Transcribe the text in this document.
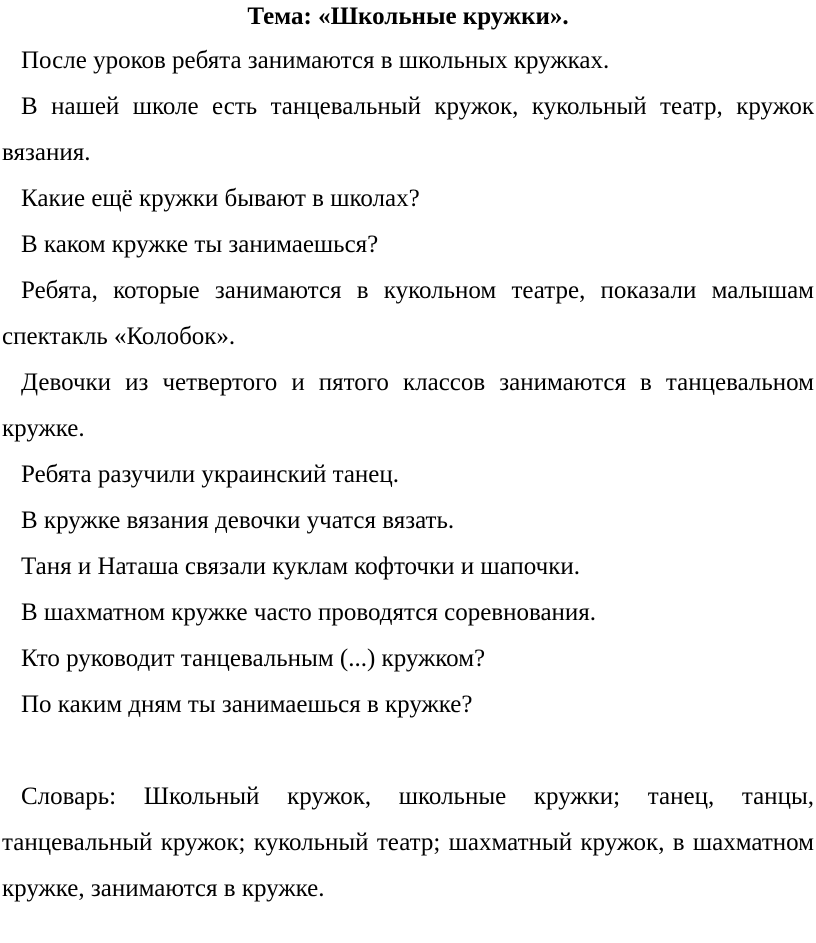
Тема: «Школьные кружки».

После уроков ребята занимаются в школьных кружках.

В нашей школе есть танцевальный кружок, кукольный театр, кружок вязания.

Какие ещё кружки бывают в школах?

В каком кружке ты занимаешься?

Ребята, которые занимаются в кукольном театре, показали малышам спектакль «Колобок».

Девочки из четвертого и пятого классов занимаются в танцевальном кружке.

Ребята разучили украинский танец.

В кружке вязания девочки учатся вязать.

Таня и Наташа связали куклам кофточки и шапочки.

В шахматном кружке часто проводятся соревнования.

Кто руководит танцевальным (...) кружком?

По каким дням ты занимаешься в кружке?

Словарь: Школьный кружок, школьные кружки; танец, танцы, танцевальный кружок; кукольный театр; шахматный кружок, в шахматном кружке, занимаются в кружке.
